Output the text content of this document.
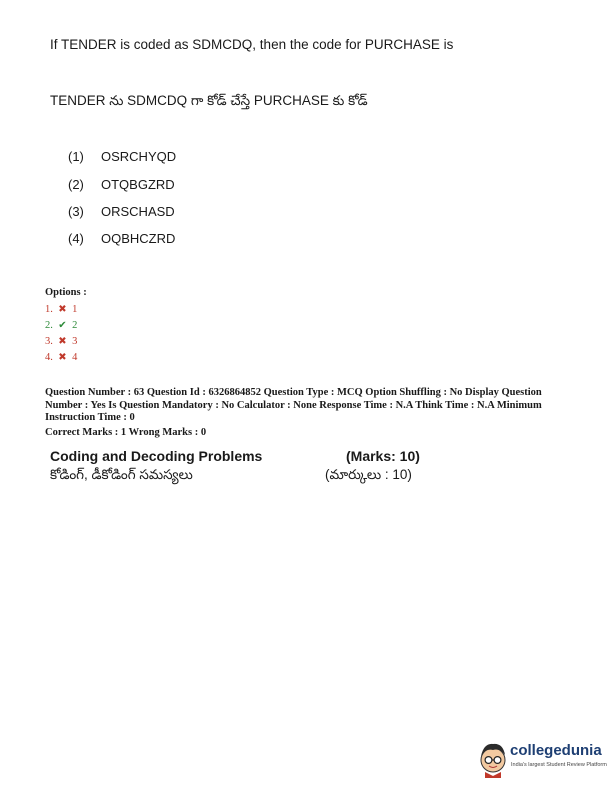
If TENDER is coded as SDMCDQ, then the code for PURCHASE is
TENDER ను SDMCDQ గా కోడ్ చేస్తే PURCHASE కు కోడ్
(1) OSRCHYQD
(2) OTQBGZRD
(3) ORSCHASD
(4) OQBHCZRD
Options :
1. ✖ 1
2. ✔ 2
3. ✖ 3
4. ✖ 4
Question Number : 63 Question Id : 6326864852 Question Type : MCQ Option Shuffling : No Display Question Number : Yes Is Question Mandatory : No Calculator : None Response Time : N.A Think Time : N.A Minimum Instruction Time : 0
Correct Marks : 1 Wrong Marks : 0
Coding and Decoding Problems	(Marks: 10)
కోడింగ్, డీకోడింగ్ సమస్యలు	(మార్కులు : 10)
collegedunia
India's largest Student Review Platform
